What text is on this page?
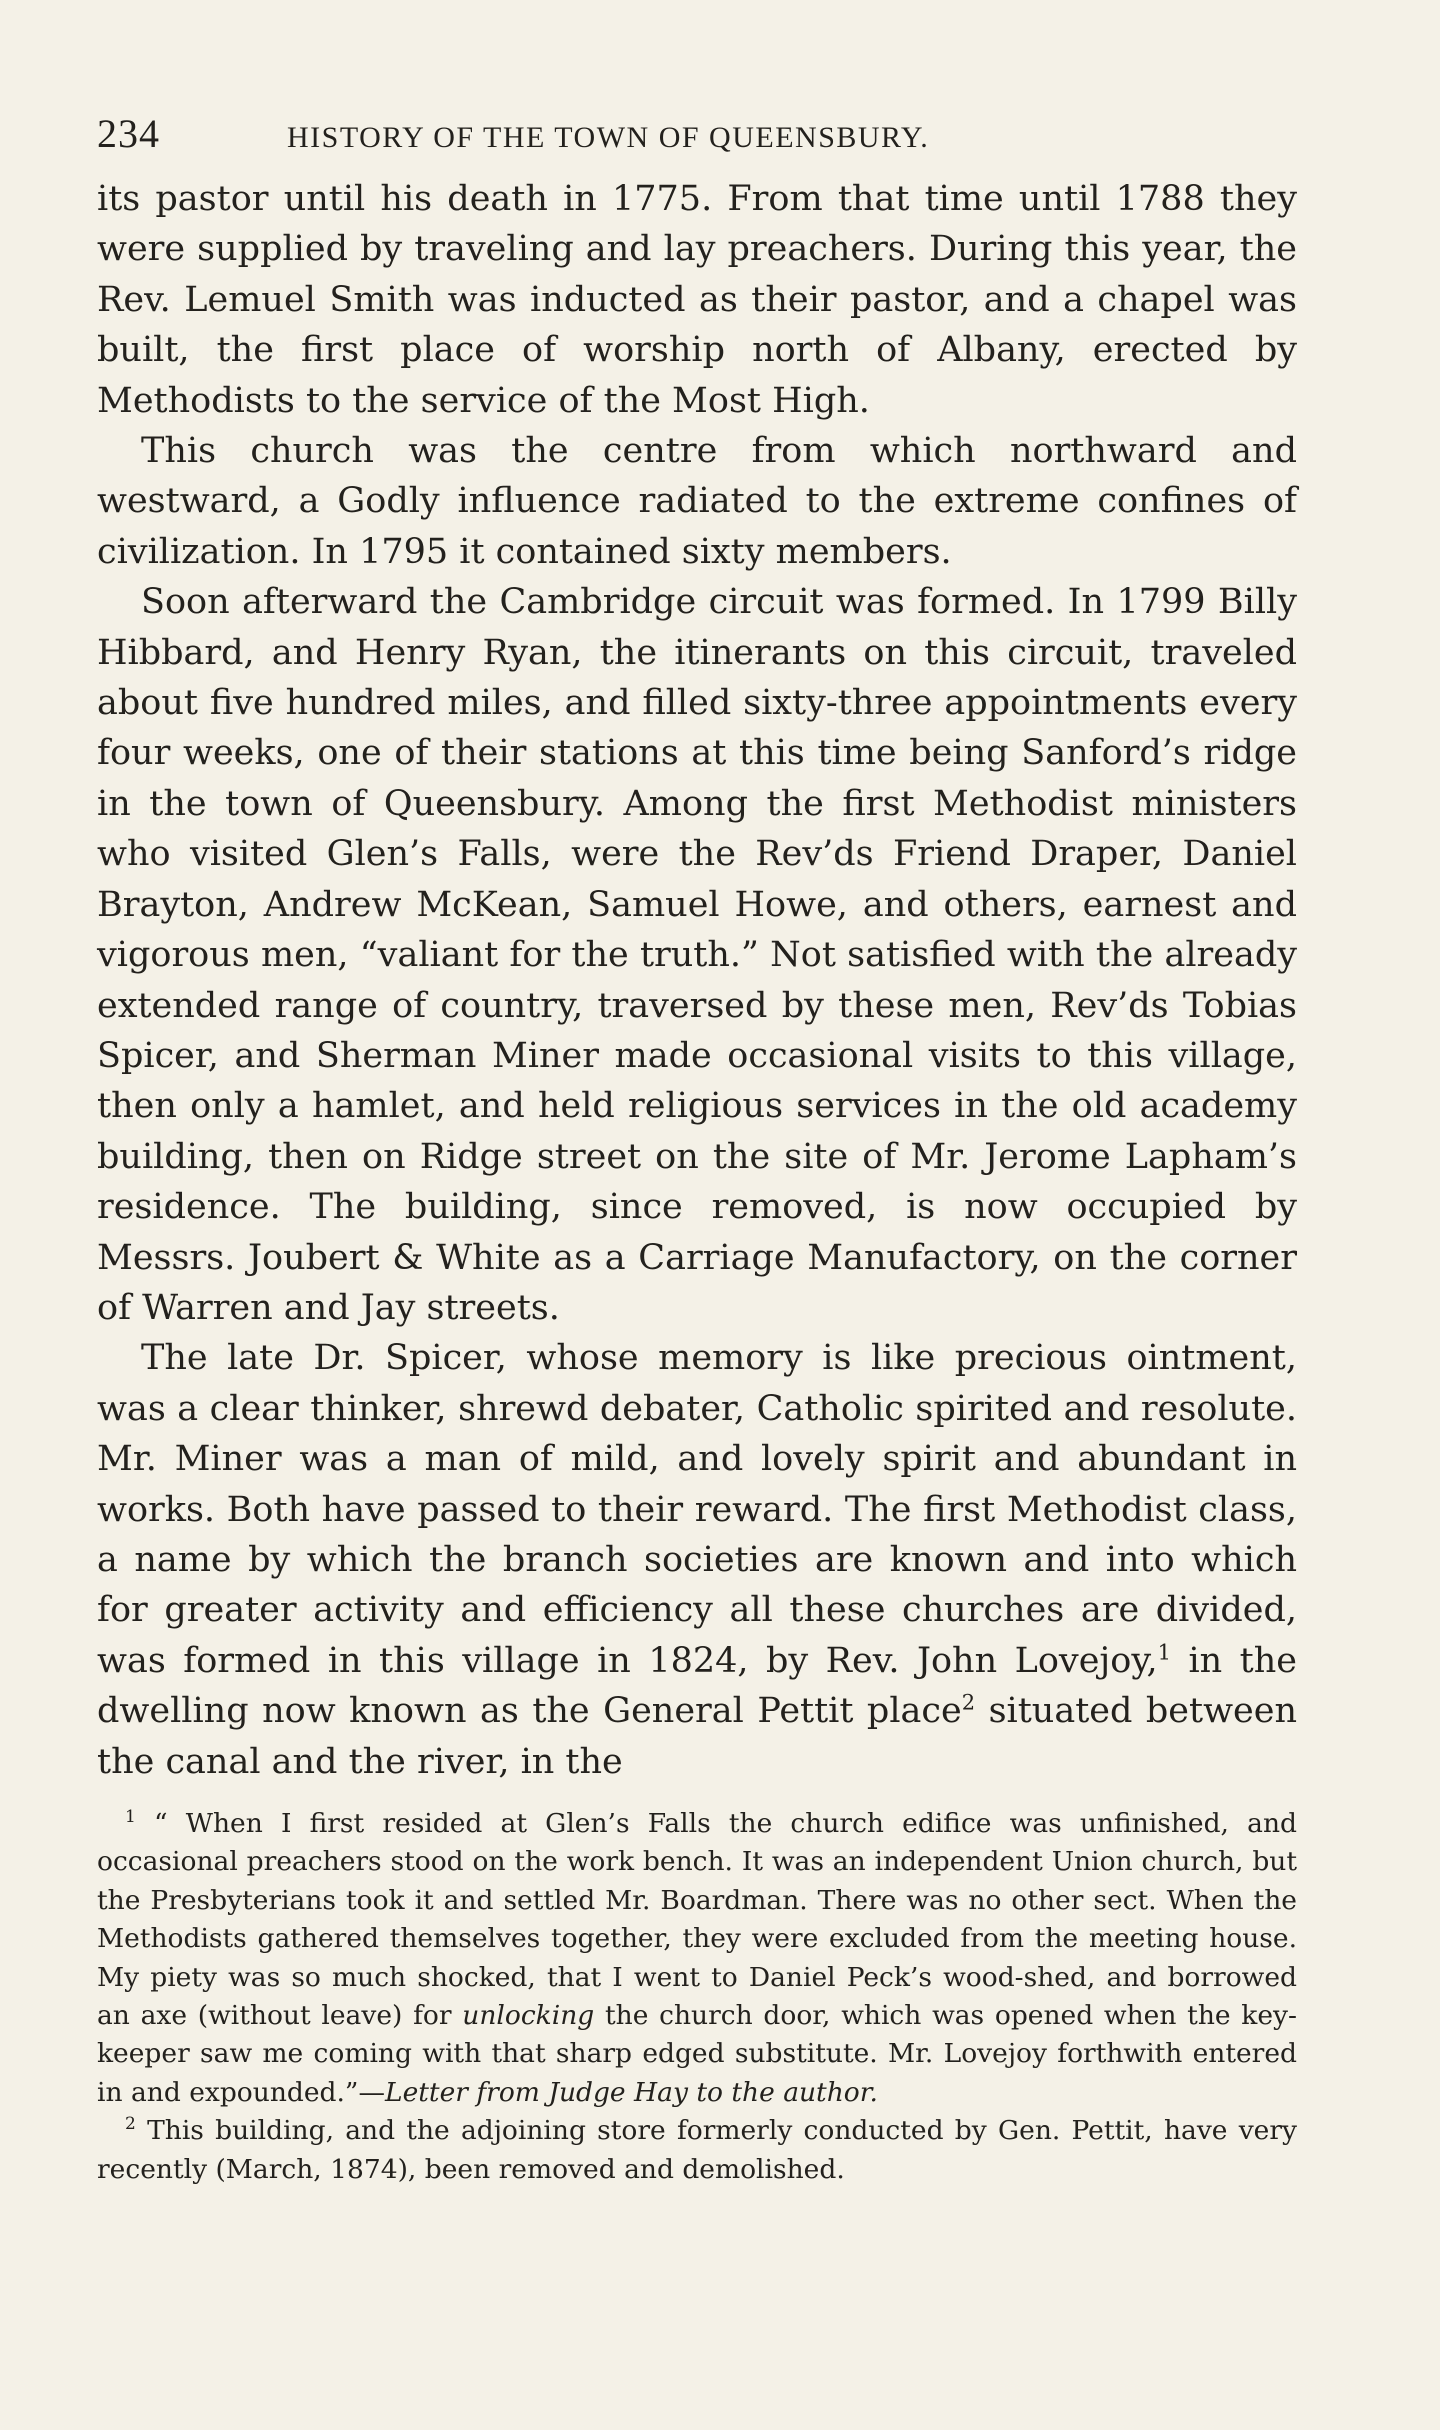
234	HISTORY OF THE TOWN OF QUEENSBURY.

its pastor until his death in 1775. From that time until 1788 they were supplied by traveling and lay preachers. During this year, the Rev. Lemuel Smith was inducted as their pastor, and a chapel was built, the first place of worship north of Albany, erected by Methodists to the service of the Most High.

This church was the centre from which northward and westward, a Godly influence radiated to the extreme confines of civilization. In 1795 it contained sixty members.

Soon afterward the Cambridge circuit was formed. In 1799 Billy Hibbard, and Henry Ryan, the itinerants on this circuit, traveled about five hundred miles, and filled sixty-three appointments every four weeks, one of their stations at this time being Sanford’s ridge in the town of Queensbury. Among the first Methodist ministers who visited Glen’s Falls, were the Rev’ds Friend Draper, Daniel Brayton, Andrew McKean, Samuel Howe, and others, earnest and vigorous men, “valiant for the truth.” Not satisfied with the already extended range of country, traversed by these men, Rev’ds Tobias Spicer, and Sherman Miner made occasional visits to this village, then only a hamlet, and held religious services in the old academy building, then on Ridge street on the site of Mr. Jerome Lapham’s residence. The building, since removed, is now occupied by Messrs. Joubert & White as a Carriage Manufactory, on the corner of Warren and Jay streets.

The late Dr. Spicer, whose memory is like precious ointment, was a clear thinker, shrewd debater, Catholic spirited and resolute. Mr. Miner was a man of mild, and lovely spirit and abundant in works. Both have passed to their reward. The first Methodist class, a name by which the branch societies are known and into which for greater activity and efficiency all these churches are divided, was formed in this village in 1824, by Rev. John Lovejoy,$^1$ in the dwelling now known as the General Pettit place$^2$ situated between the canal and the river, in the

$^1$ “ When I first resided at Glen’s Falls the church edifice was unfinished, and occasional preachers stood on the work bench. It was an independent Union church, but the Presbyterians took it and settled Mr. Boardman. There was no other sect. When the Methodists gathered themselves together, they were excluded from the meeting house. My piety was so much shocked, that I went to Daniel Peck’s wood-shed, and borrowed an axe (without leave) for unlocking the church door, which was opened when the key-keeper saw me coming with that sharp edged substitute. Mr. Lovejoy forthwith entered in and expounded.”—Letter from Judge Hay to the author.

$^2$ This building, and the adjoining store formerly conducted by Gen. Pettit, have very recently (March, 1874), been removed and demolished.
